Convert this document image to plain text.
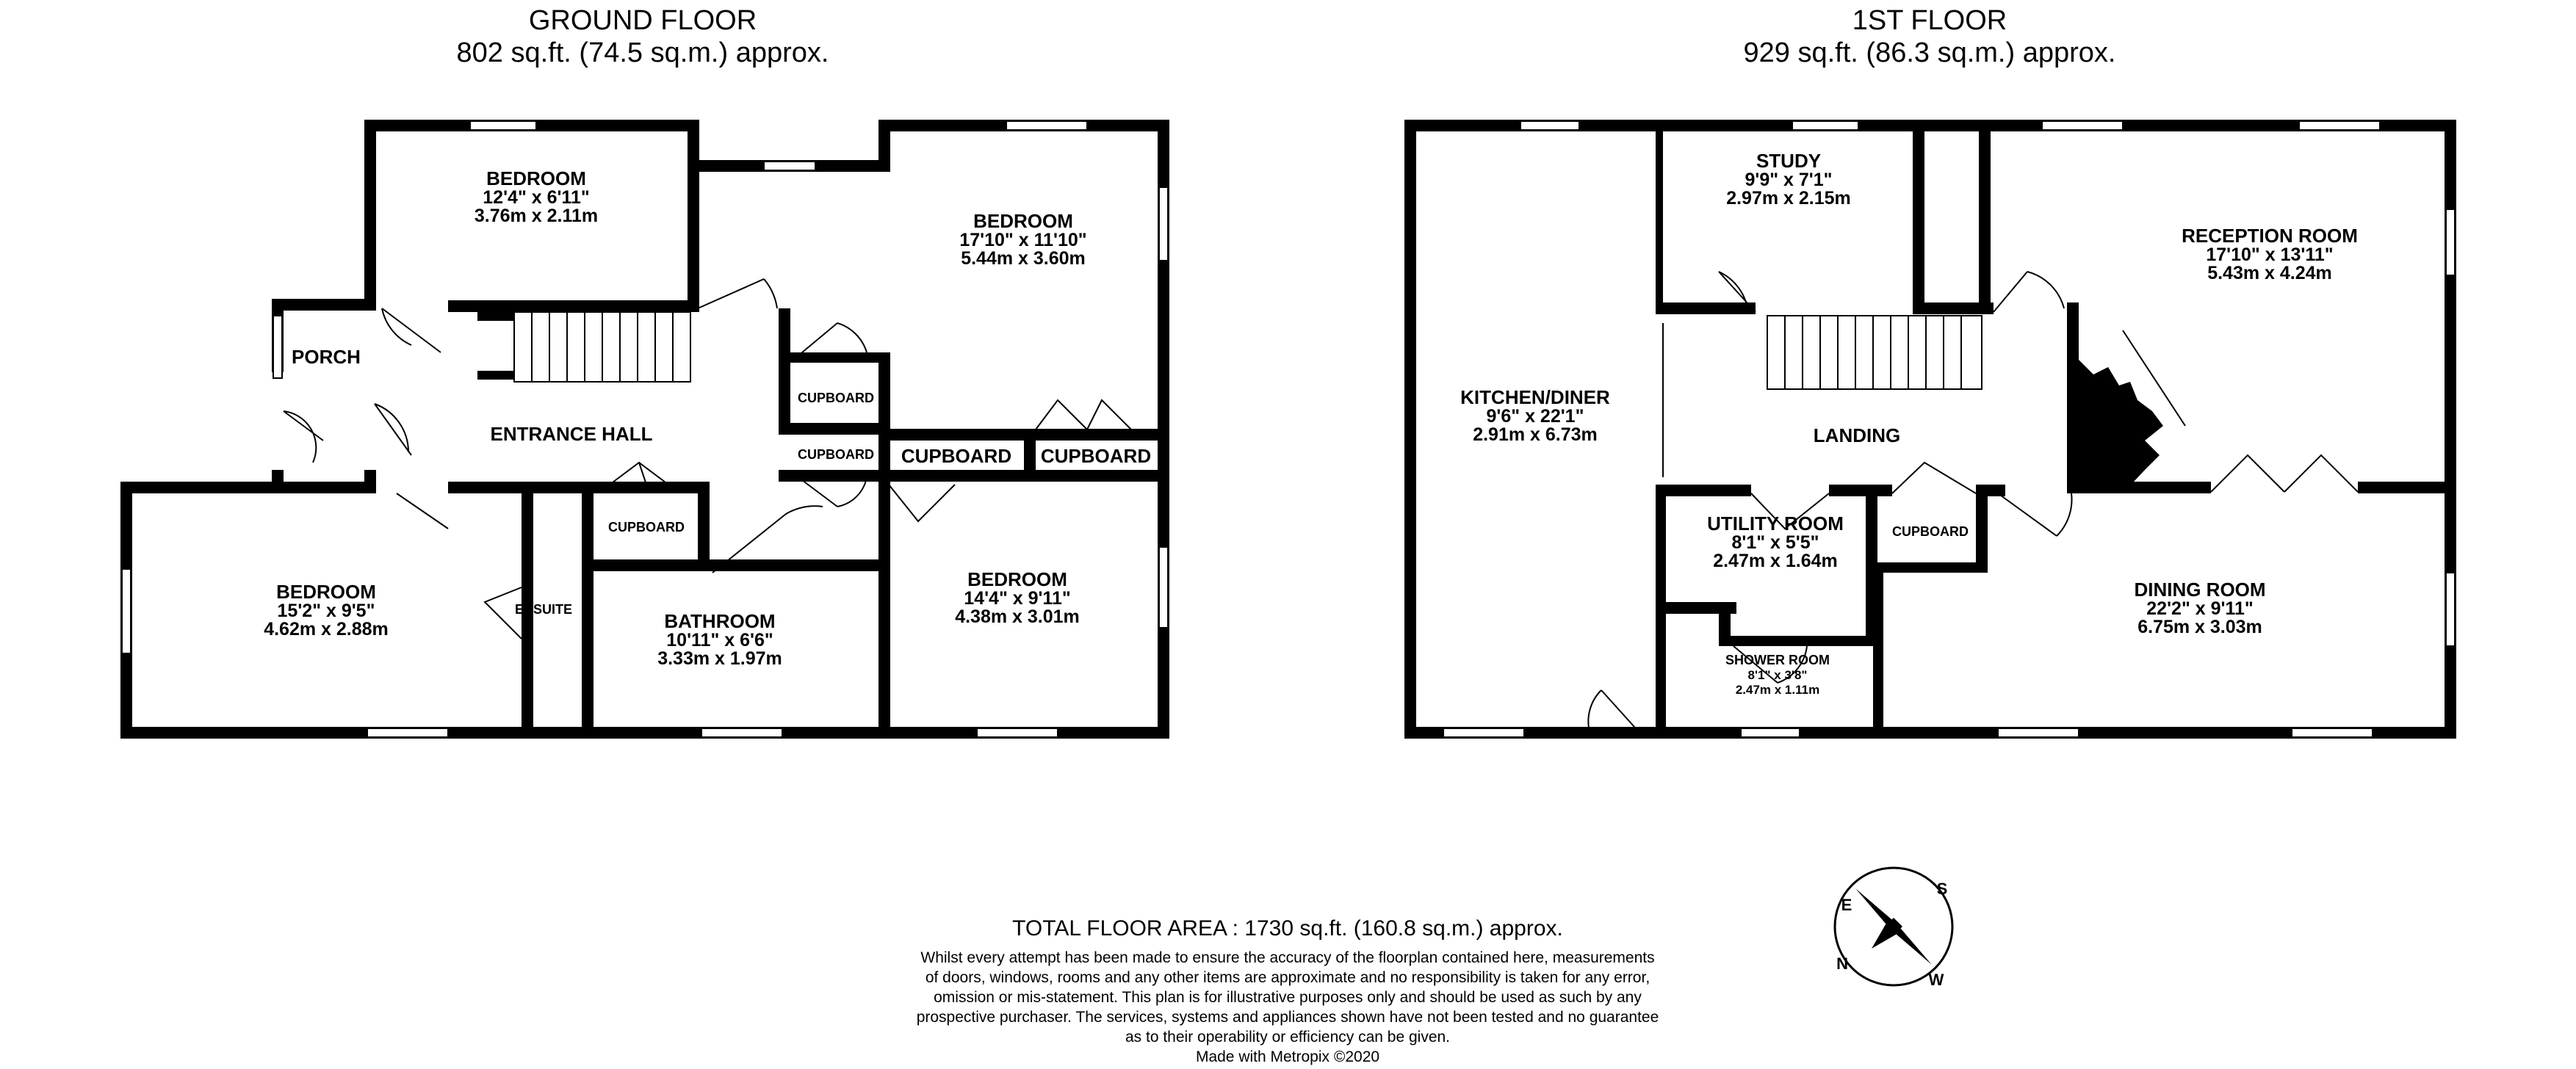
GROUND FLOOR
802 sq.ft. (74.5 sq.m.) approx.
1ST FLOOR
929 sq.ft. (86.3 sq.m.) approx.
BEDROOM
12'4" x 6'11"
3.76m x 2.11m	BEDROOM
17'10" x 11'10"
5.44m x 3.60m
PORCH
ENTRANCE HALL
CUPBOARD
CUPBOARD CUPBOARD CUPBOARD
CUPBOARD
BEDROOM
15'2" x 9'5"
4.62m x 2.88m
ENSUITE
BATHROOM
10'11" x 6'6"
3.33m x 1.97m
BEDROOM
14'4" x 9'11"
4.38m x 3.01m
KITCHEN/DINER
9'6" x 22'1"
2.91m x 6.73m
STUDY
9'9" x 7'1"
2.97m x 2.15m
RECEPTION ROOM
17'10" x 13'11"
5.43m x 4.24m
LANDING
UTILITY ROOM
8'1" x 5'5"
2.47m x 1.64m
CUPBOARD
SHOWER ROOM
8'1" x 3'8"
2.47m x 1.11m
DINING ROOM
22'2" x 9'11"
6.75m x 3.03m
TOTAL FLOOR AREA : 1730 sq.ft. (160.8 sq.m.) approx.
Whilst every attempt has been made to ensure the accuracy of the floorplan contained here, measurements
of doors, windows, rooms and any other items are approximate and no responsibility is taken for any error,
omission or mis-statement. This plan is for illustrative purposes only and should be used as such by any
prospective purchaser. The services, systems and appliances shown have not been tested and no guarantee
as to their operability or efficiency can be given.
Made with Metropix ©2020
E
S
N
W
